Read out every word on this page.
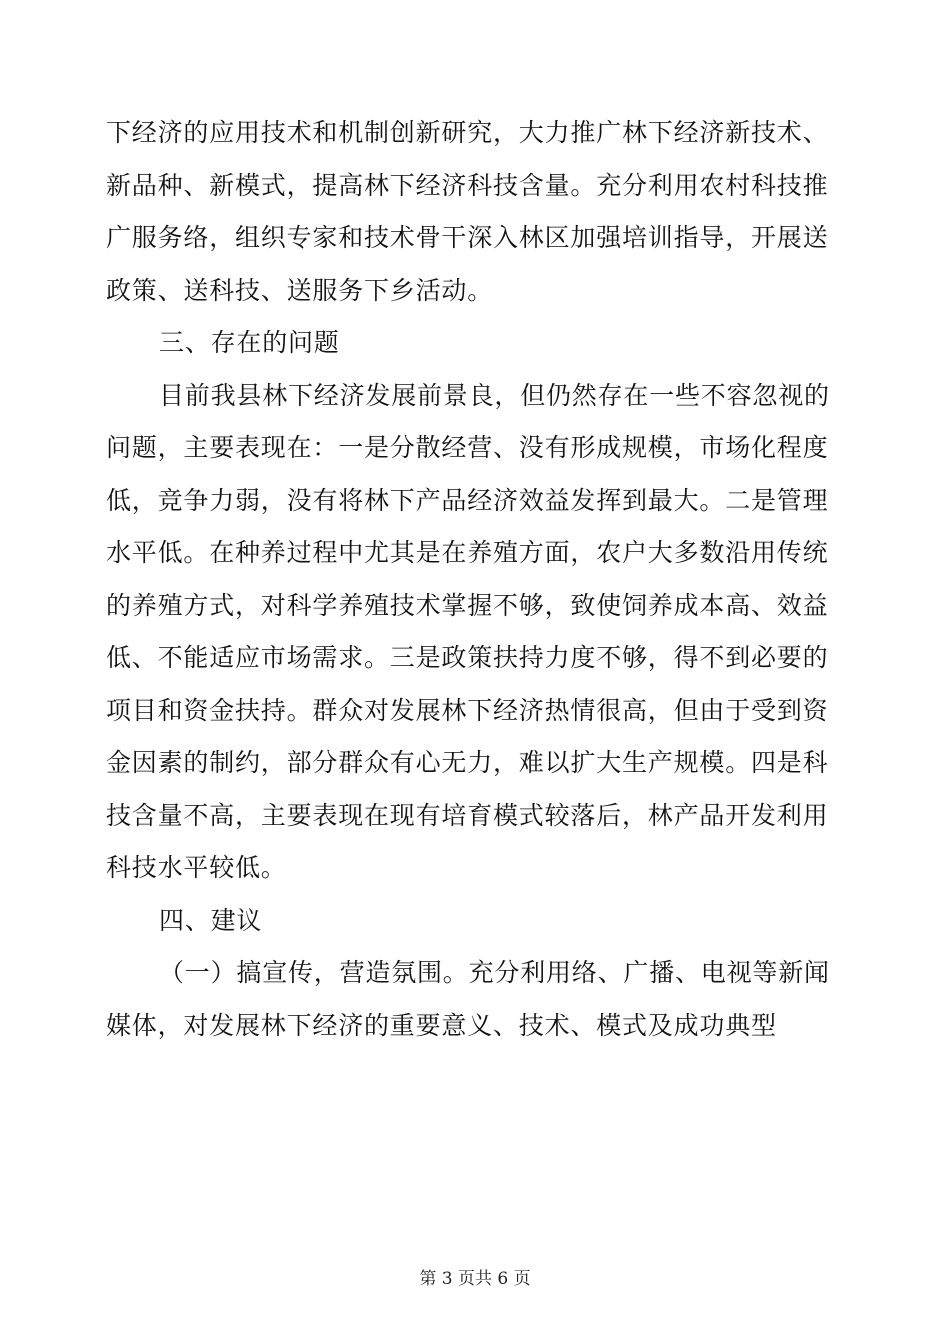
下经济的应用技术和机制创新研究，大力推广林下经济新技术、
新品种、新模式，提高林下经济科技含量。充分利用农村科技推
广服务络，组织专家和技术骨干深入林区加强培训指导，开展送
政策、送科技、送服务下乡活动。
三、存在的问题
目前我县林下经济发展前景良，但仍然存在一些不容忽视的
问题，主要表现在：一是分散经营、没有形成规模，市场化程度
低，竞争力弱，没有将林下产品经济效益发挥到最大。二是管理
水平低。在种养过程中尤其是在养殖方面，农户大多数沿用传统
的养殖方式，对科学养殖技术掌握不够，致使饲养成本高、效益
低、不能适应市场需求。三是政策扶持力度不够，得不到必要的
项目和资金扶持。群众对发展林下经济热情很高，但由于受到资
金因素的制约，部分群众有心无力，难以扩大生产规模。四是科
技含量不高，主要表现在现有培育模式较落后，林产品开发利用
科技水平较低。
四、建议
（一）搞宣传，营造氛围。充分利用络、广播、电视等新闻
媒体，对发展林下经济的重要意义、技术、模式及成功典型
第 3 页共 6 页
